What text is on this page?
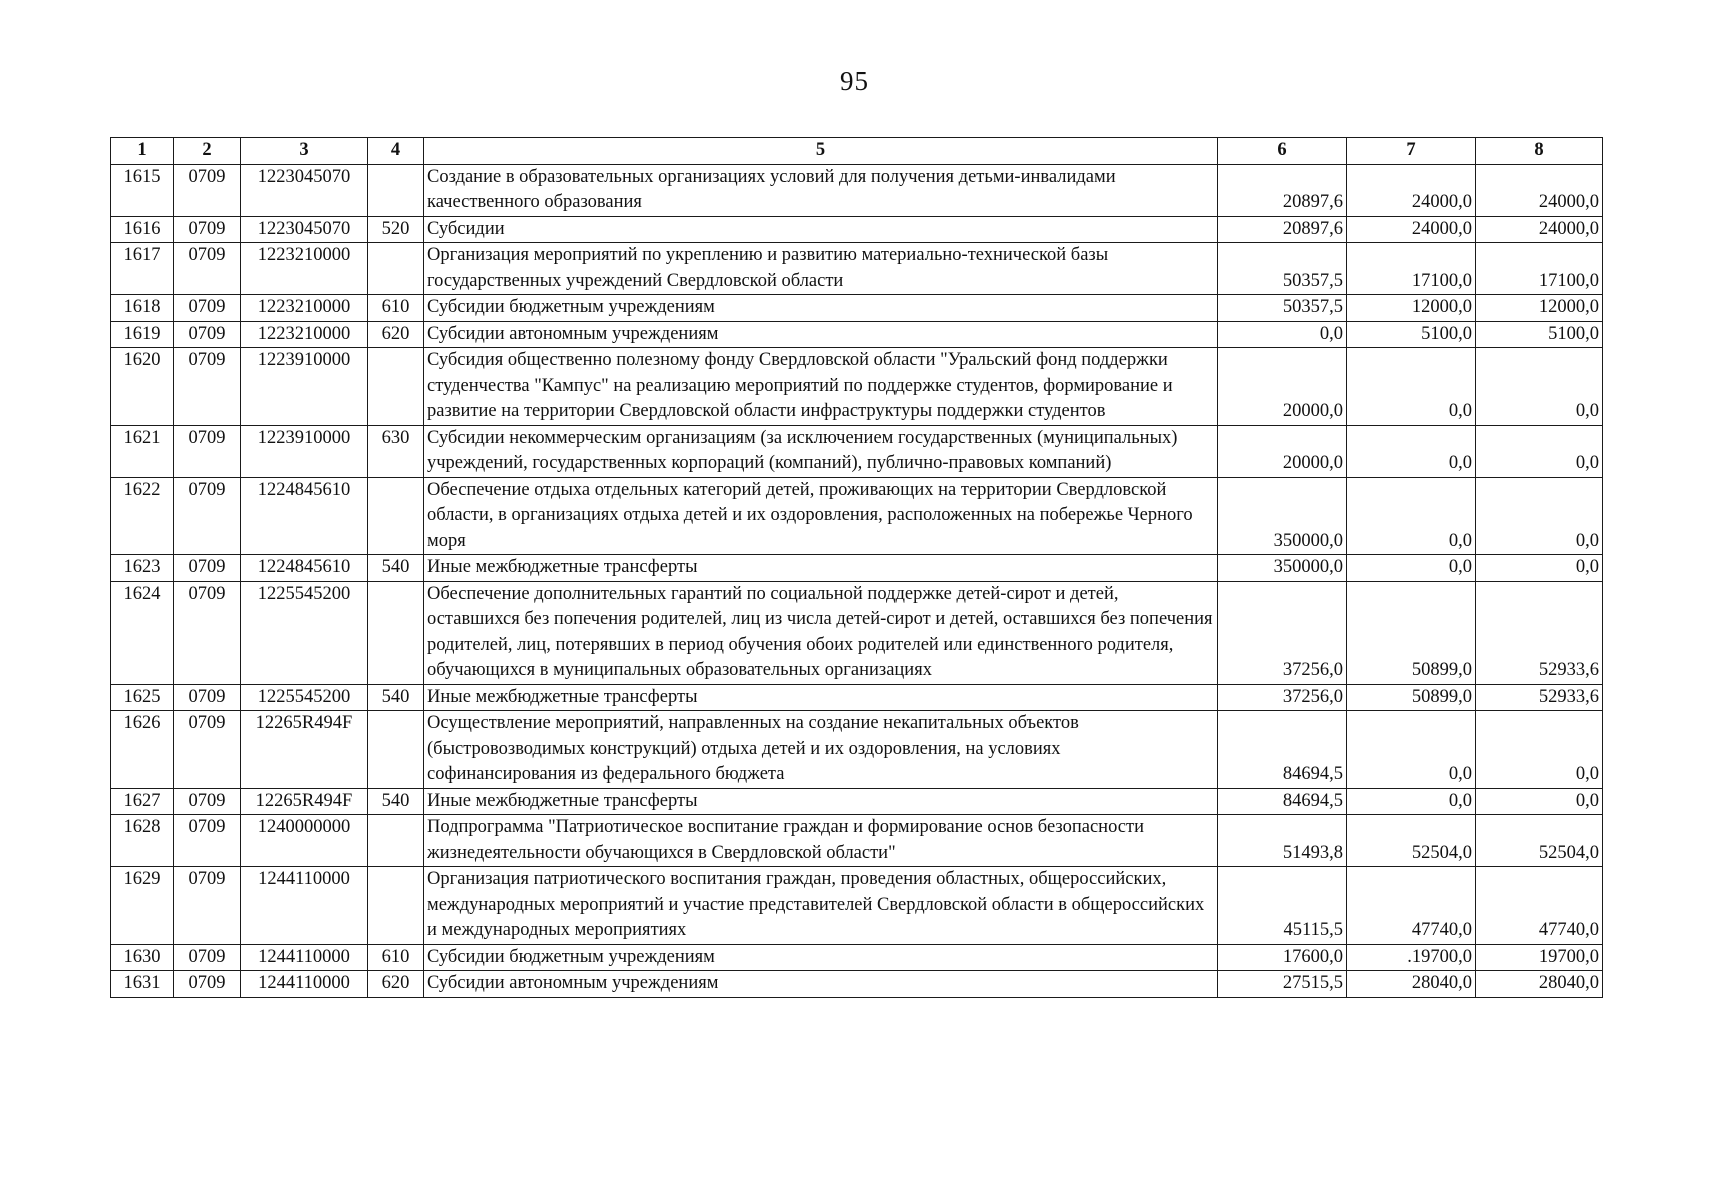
95
1	2	3	4	5	6	7	8
1615	0709	1223045070		Создание в образовательных организациях условий для получения детьми-инвалидами качественного образования	20897,6	24000,0	24000,0
1616	0709	1223045070	520	Субсидии	20897,6	24000,0	24000,0
1617	0709	1223210000		Организация мероприятий по укреплению и развитию материально-технической базы государственных учреждений Свердловской области	50357,5	17100,0	17100,0
1618	0709	1223210000	610	Субсидии бюджетным учреждениям	50357,5	12000,0	12000,0
1619	0709	1223210000	620	Субсидии автономным учреждениям	0,0	5100,0	5100,0
1620	0709	1223910000		Субсидия общественно полезному фонду Свердловской области "Уральский фонд поддержки студенчества "Кампус" на реализацию мероприятий по поддержке студентов, формирование и развитие на территории Свердловской области инфраструктуры поддержки студентов	20000,0	0,0	0,0
1621	0709	1223910000	630	Субсидии некоммерческим организациям (за исключением государственных (муниципальных) учреждений, государственных корпораций (компаний), публично-правовых компаний)	20000,0	0,0	0,0
1622	0709	1224845610		Обеспечение отдыха отдельных категорий детей, проживающих на территории Свердловской области, в организациях отдыха детей и их оздоровления, расположенных на побережье Черного моря	350000,0	0,0	0,0
1623	0709	1224845610	540	Иные межбюджетные трансферты	350000,0	0,0	0,0
1624	0709	1225545200		Обеспечение дополнительных гарантий по социальной поддержке детей-сирот и детей, оставшихся без попечения родителей, лиц из числа детей-сирот и детей, оставшихся без попечения родителей, лиц, потерявших в период обучения обоих родителей или единственного родителя, обучающихся в муниципальных образовательных организациях	37256,0	50899,0	52933,6
1625	0709	1225545200	540	Иные межбюджетные трансферты	37256,0	50899,0	52933,6
1626	0709	12265R494F		Осуществление мероприятий, направленных на создание некапитальных объектов (быстровозводимых конструкций) отдыха детей и их оздоровления, на условиях софинансирования из федерального бюджета	84694,5	0,0	0,0
1627	0709	12265R494F	540	Иные межбюджетные трансферты	84694,5	0,0	0,0
1628	0709	1240000000		Подпрограмма "Патриотическое воспитание граждан и формирование основ безопасности жизнедеятельности обучающихся в Свердловской области"	51493,8	52504,0	52504,0
1629	0709	1244110000		Организация патриотического воспитания граждан, проведения областных, общероссийских, международных мероприятий и участие представителей Свердловской области в общероссийских и международных мероприятиях	45115,5	47740,0	47740,0
1630	0709	1244110000	610	Субсидии бюджетным учреждениям	17600,0	.19700,0	19700,0
1631	0709	1244110000	620	Субсидии автономным учреждениям	27515,5	28040,0	28040,0
